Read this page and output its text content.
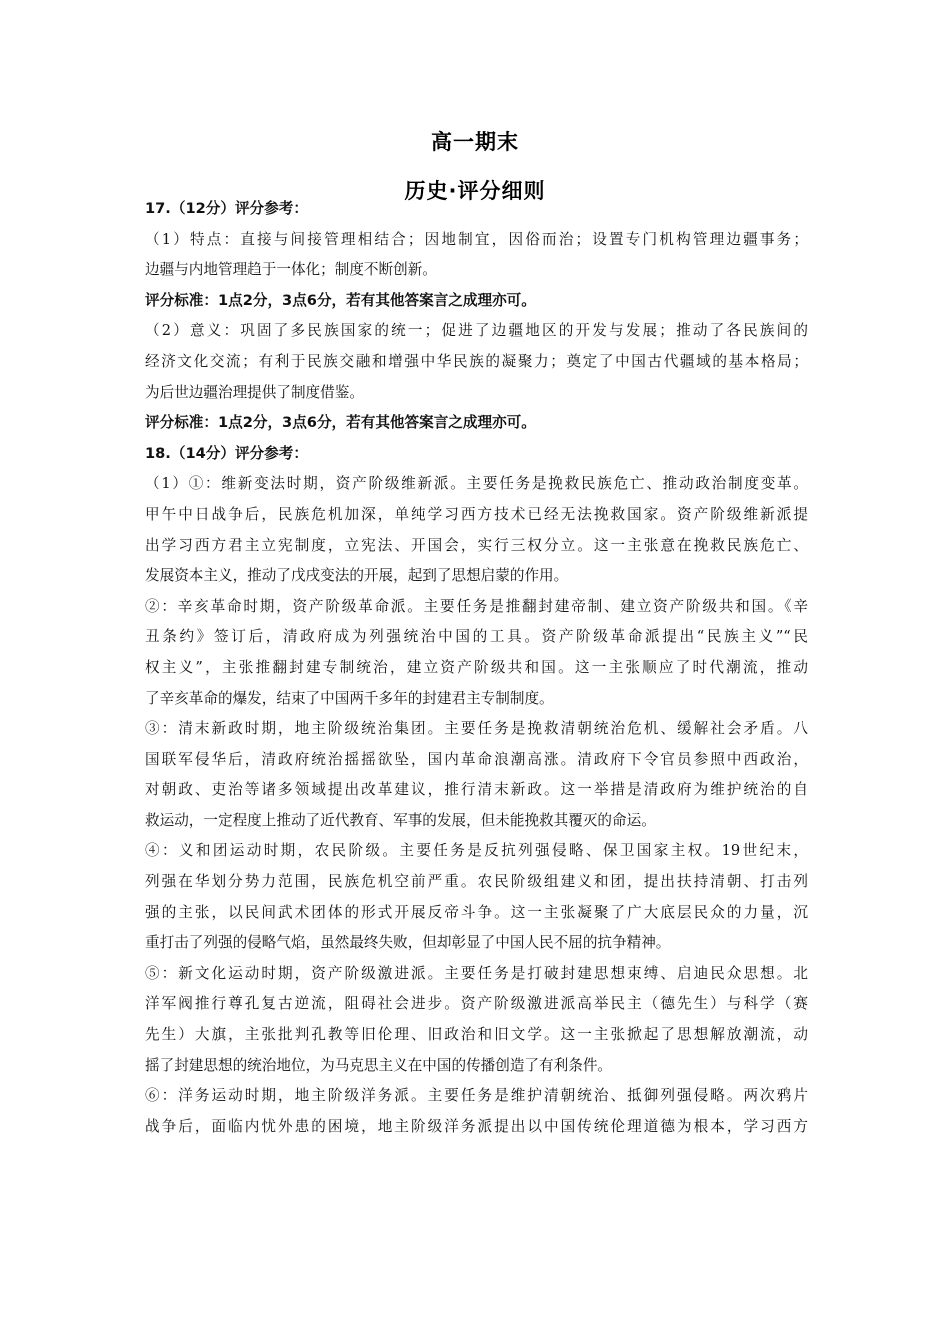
高一期末
历史·评分细则
17.（12分）评分参考：
（1）特点：直接与间接管理相结合；因地制宜，因俗而治；设置专门机构管理边疆事务；
边疆与内地管理趋于一体化；制度不断创新。
评分标准：1点2分，3点6分，若有其他答案言之成理亦可。
（2）意义：巩固了多民族国家的统一；促进了边疆地区的开发与发展；推动了各民族间的
经济文化交流；有利于民族交融和增强中华民族的凝聚力；奠定了中国古代疆域的基本格局；
为后世边疆治理提供了制度借鉴。
评分标准：1点2分，3点6分，若有其他答案言之成理亦可。
18.（14分）评分参考：
（1）①：维新变法时期，资产阶级维新派。主要任务是挽救民族危亡、推动政治制度变革。
甲午中日战争后，民族危机加深，单纯学习西方技术已经无法挽救国家。资产阶级维新派提
出学习西方君主立宪制度，立宪法、开国会，实行三权分立。这一主张意在挽救民族危亡、
发展资本主义，推动了戊戌变法的开展，起到了思想启蒙的作用。
②：辛亥革命时期，资产阶级革命派。主要任务是推翻封建帝制、建立资产阶级共和国。《辛
丑条约》签订后，清政府成为列强统治中国的工具。资产阶级革命派提出“民族主义”“民
权主义”，主张推翻封建专制统治，建立资产阶级共和国。这一主张顺应了时代潮流，推动
了辛亥革命的爆发，结束了中国两千多年的封建君主专制制度。
③：清末新政时期，地主阶级统治集团。主要任务是挽救清朝统治危机、缓解社会矛盾。八
国联军侵华后，清政府统治摇摇欲坠，国内革命浪潮高涨。清政府下令官员参照中西政治，
对朝政、吏治等诸多领域提出改革建议，推行清末新政。这一举措是清政府为维护统治的自
救运动，一定程度上推动了近代教育、军事的发展，但未能挽救其覆灭的命运。
④：义和团运动时期，农民阶级。主要任务是反抗列强侵略、保卫国家主权。19世纪末，
列强在华划分势力范围，民族危机空前严重。农民阶级组建义和团，提出扶持清朝、打击列
强的主张，以民间武术团体的形式开展反帝斗争。这一主张凝聚了广大底层民众的力量，沉
重打击了列强的侵略气焰，虽然最终失败，但却彰显了中国人民不屈的抗争精神。
⑤：新文化运动时期，资产阶级激进派。主要任务是打破封建思想束缚、启迪民众思想。北
洋军阀推行尊孔复古逆流，阻碍社会进步。资产阶级激进派高举民主（德先生）与科学（赛
先生）大旗，主张批判孔教等旧伦理、旧政治和旧文学。这一主张掀起了思想解放潮流，动
摇了封建思想的统治地位，为马克思主义在中国的传播创造了有利条件。
⑥：洋务运动时期，地主阶级洋务派。主要任务是维护清朝统治、抵御列强侵略。两次鸦片
战争后，面临内忧外患的困境，地主阶级洋务派提出以中国传统伦理道德为根本，学习西方
